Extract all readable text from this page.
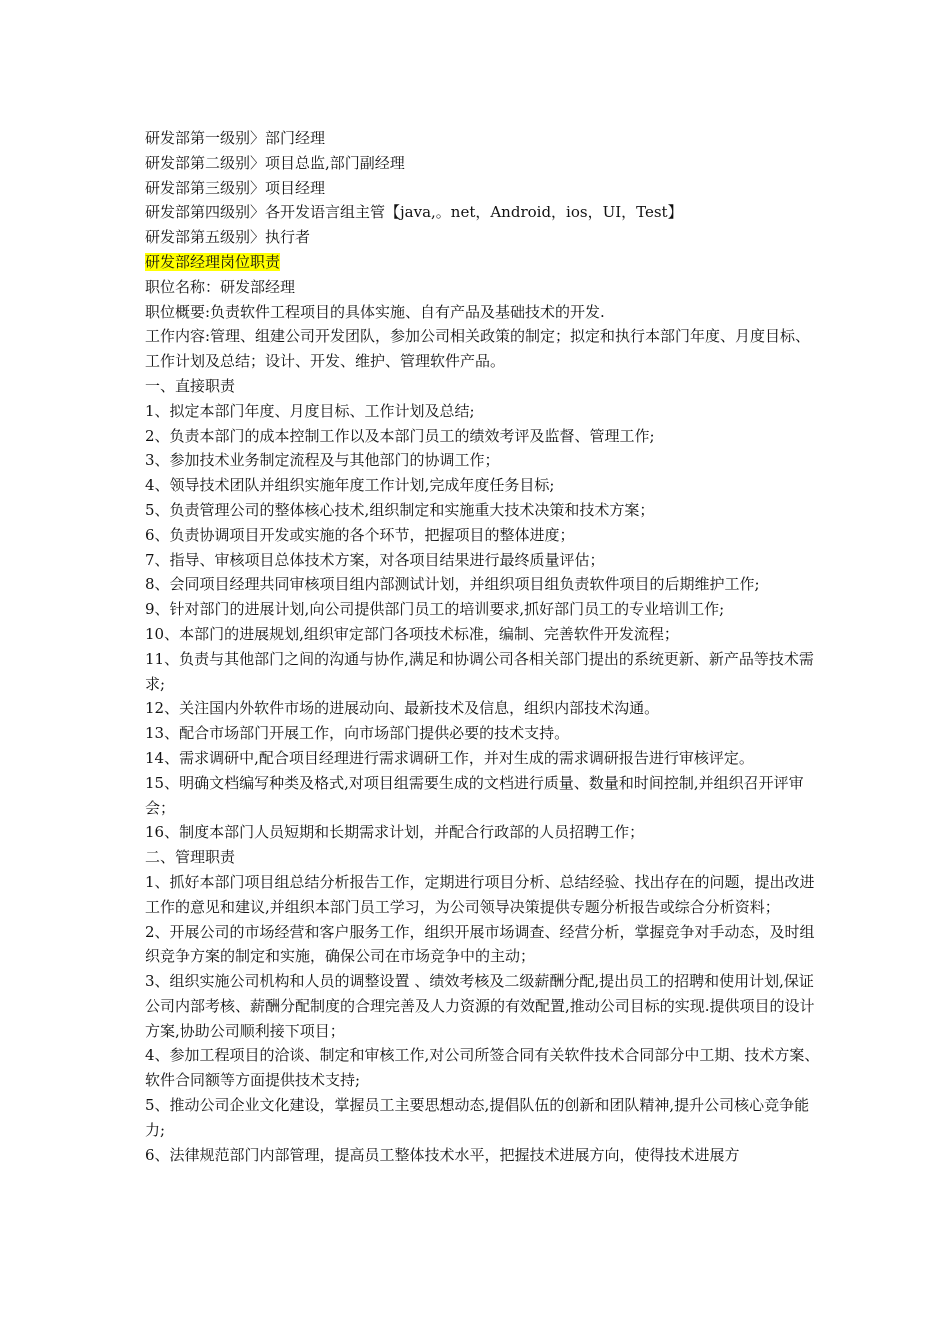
研发部第一级别〉部门经理
研发部第二级别〉项目总监,部门副经理
研发部第三级别〉项目经理
研发部第四级别〉各开发语言组主管【java,。net，Android，ios，UI，Test】
研发部第五级别〉执行者
研发部经理岗位职责
职位名称：研发部经理
职位概要:负责软件工程项目的具体实施、自有产品及基础技术的开发.
工作内容:管理、组建公司开发团队，参加公司相关政策的制定；拟定和执行本部门年度、月度目标、工作计划及总结；设计、开发、维护、管理软件产品。
一、直接职责
1、拟定本部门年度、月度目标、工作计划及总结;
2、负责本部门的成本控制工作以及本部门员工的绩效考评及监督、管理工作;
3、参加技术业务制定流程及与其他部门的协调工作；
4、领导技术团队并组织实施年度工作计划,完成年度任务目标;
5、负责管理公司的整体核心技术,组织制定和实施重大技术决策和技术方案；
6、负责协调项目开发或实施的各个环节，把握项目的整体进度；
7、指导、审核项目总体技术方案，对各项目结果进行最终质量评估；
8、会同项目经理共同审核项目组内部测试计划，并组织项目组负责软件项目的后期维护工作;
9、针对部门的进展计划,向公司提供部门员工的培训要求,抓好部门员工的专业培训工作;
10、本部门的进展规划,组织审定部门各项技术标准，编制、完善软件开发流程；
11、负责与其他部门之间的沟通与协作,满足和协调公司各相关部门提出的系统更新、新产品等技术需求;
12、关注国内外软件市场的进展动向、最新技术及信息，组织内部技术沟通。
13、配合市场部门开展工作，向市场部门提供必要的技术支持。
14、需求调研中,配合项目经理进行需求调研工作，并对生成的需求调研报告进行审核评定。
15、明确文档编写种类及格式,对项目组需要生成的文档进行质量、数量和时间控制,并组织召开评审会；
16、制度本部门人员短期和长期需求计划，并配合行政部的人员招聘工作；
二、管理职责
1、抓好本部门项目组总结分析报告工作，定期进行项目分析、总结经验、找出存在的问题，提出改进工作的意见和建议,并组织本部门员工学习，为公司领导决策提供专题分析报告或综合分析资料；
2、开展公司的市场经营和客户服务工作，组织开展市场调查、经营分析，掌握竞争对手动态，及时组织竞争方案的制定和实施，确保公司在市场竞争中的主动；
3、组织实施公司机构和人员的调整设置 、绩效考核及二级薪酬分配,提出员工的招聘和使用计划,保证公司内部考核、薪酬分配制度的合理完善及人力资源的有效配置,推动公司目标的实现.提供项目的设计方案,协助公司顺利接下项目；
4、参加工程项目的洽谈、制定和审核工作,对公司所签合同有关软件技术合同部分中工期、技术方案、软件合同额等方面提供技术支持;
5、推动公司企业文化建设，掌握员工主要思想动态,提倡队伍的创新和团队精神,提升公司核心竞争能力;
6、法律规范部门内部管理，提高员工整体技术水平，把握技术进展方向，使得技术进展方
